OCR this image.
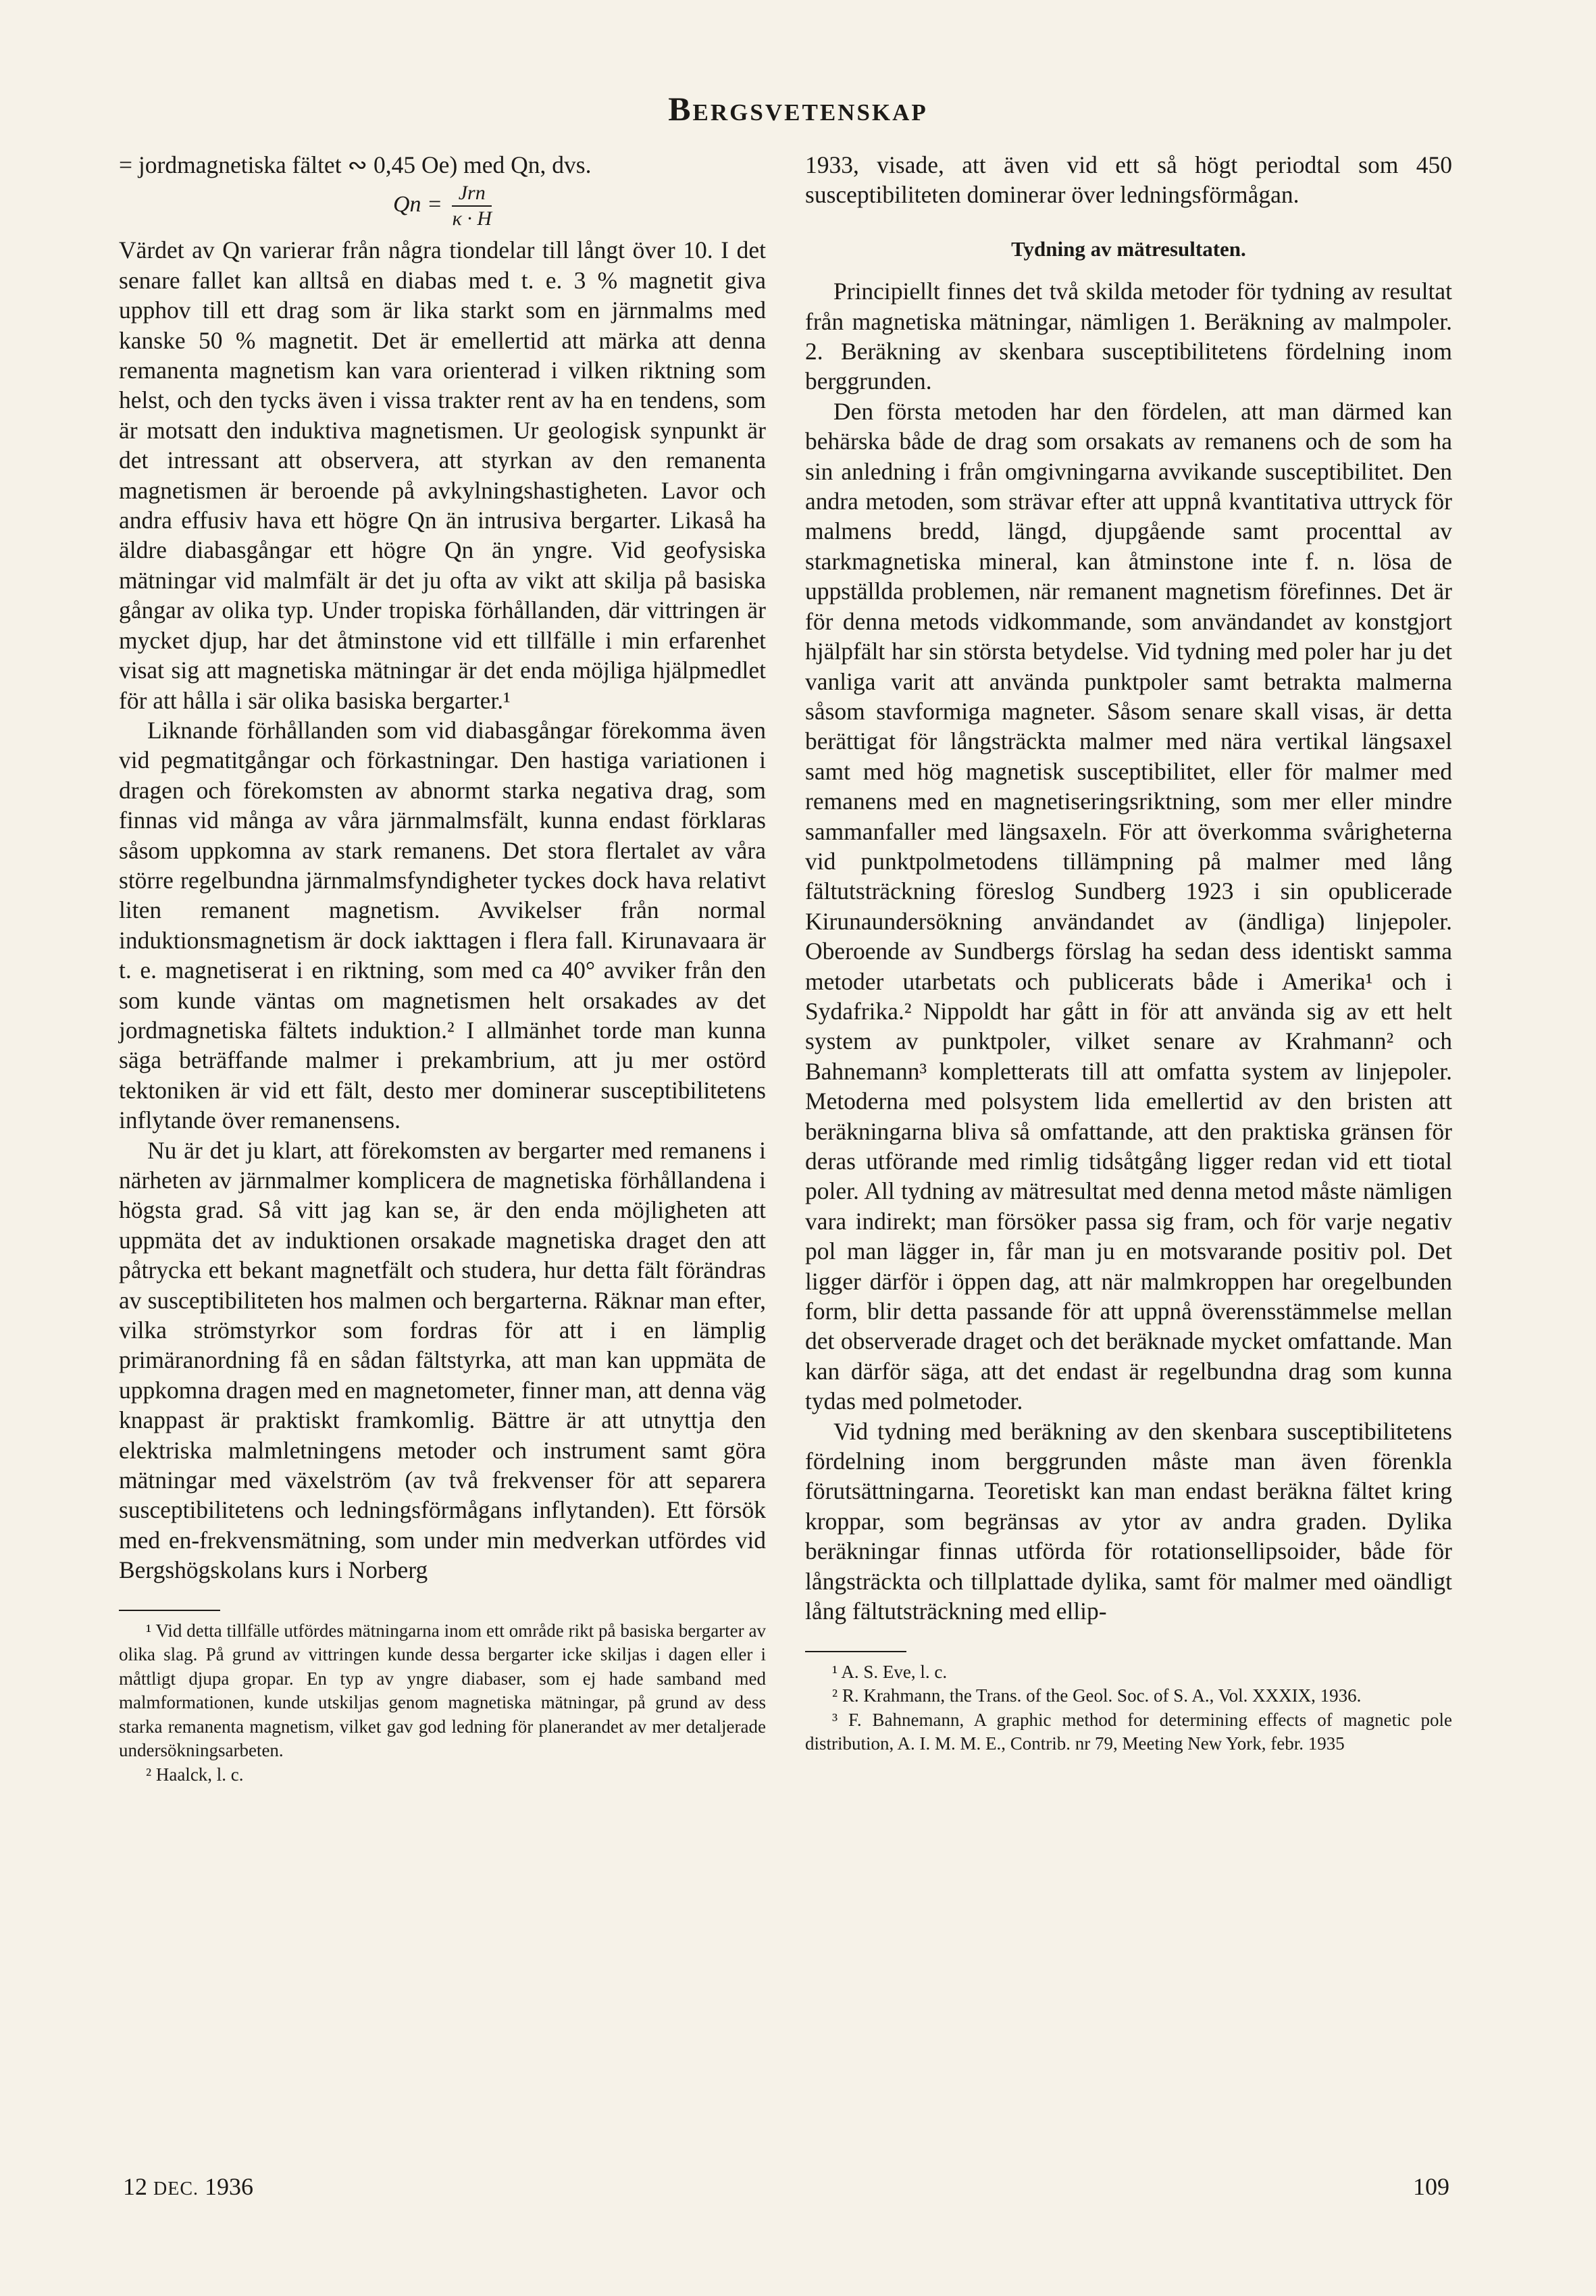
Bergsvetenskap

= jordmagnetiska fältet ∾ 0,45 Oe) med Qn, dvs.

$Qn = \frac{\text{Jrn}}{\kappa \cdot H}$

Värdet av Qn varierar från några tiondelar till långt över 10. I det senare fallet kan alltså en diabas med t. e. 3 % magnetit giva upphov till ett drag som är lika starkt som en järnmalms med kanske 50 % magnetit. Det är emellertid att märka att denna remanenta magnetism kan vara orienterad i vilken riktning som helst, och den tycks även i vissa trakter rent av ha en tendens, som är motsatt den induktiva magnetismen. Ur geologisk synpunkt är det intressant att observera, att styrkan av den remanenta magnetismen är beroende på avkylningshastigheten. Lavor och andra effusiv hava ett högre Qn än intrusiva bergarter. Likaså ha äldre diabasgångar ett högre Qn än yngre. Vid geofysiska mätningar vid malmfält är det ju ofta av vikt att skilja på basiska gångar av olika typ. Under tropiska förhållanden, där vittringen är mycket djup, har det åtminstone vid ett tillfälle i min erfarenhet visat sig att magnetiska mätningar är det enda möjliga hjälpmedlet för att hålla i sär olika basiska bergarter.¹

Liknande förhållanden som vid diabasgångar förekomma även vid pegmatitgångar och förkastningar. Den hastiga variationen i dragen och förekomsten av abnormt starka negativa drag, som finnas vid många av våra järnmalmsfält, kunna endast förklaras såsom uppkomna av stark remanens. Det stora flertalet av våra större regelbundna järnmalmsfyndigheter tyckes dock hava relativt liten remanent magnetism. Avvikelser från normal induktionsmagnetism är dock iakttagen i flera fall. Kirunavaara är t. e. magnetiserat i en riktning, som med ca 40° avviker från den som kunde väntas om magnetismen helt orsakades av det jordmagnetiska fältets induktion.² I allmänhet torde man kunna säga beträffande malmer i prekambrium, att ju mer ostörd tektoniken är vid ett fält, desto mer dominerar susceptibilitetens inflytande över remanensens.

Nu är det ju klart, att förekomsten av bergarter med remanens i närheten av järnmalmer komplicera de magnetiska förhållandena i högsta grad. Så vitt jag kan se, är den enda möjligheten att uppmäta det av induktionen orsakade magnetiska draget den att påtrycka ett bekant magnetfält och studera, hur detta fält förändras av susceptibiliteten hos malmen och bergarterna. Räknar man efter, vilka strömstyrkor som fordras för att i en lämplig primäranordning få en sådan fältstyrka, att man kan uppmäta de uppkomna dragen med en magnetometer, finner man, att denna väg knappast är praktiskt framkomlig. Bättre är att utnyttja den elektriska malmletningens metoder och instrument samt göra mätningar med växelström (av två frekvenser för att separera susceptibilitetens och ledningsförmågans inflytanden). Ett försök med en-frekvensmätning, som under min medverkan utfördes vid Bergshögskolans kurs i Norberg

¹ Vid detta tillfälle utfördes mätningarna inom ett område rikt på basiska bergarter av olika slag. På grund av vittringen kunde dessa bergarter icke skiljas i dagen eller i måttligt djupa gropar. En typ av yngre diabaser, som ej hade samband med malmformationen, kunde utskiljas genom magnetiska mätningar, på grund av dess starka remanenta magnetism, vilket gav god ledning för planerandet av mer detaljerade undersökningsarbeten.

² Haalck, l. c.

1933, visade, att även vid ett så högt periodtal som 450 susceptibiliteten dominerar över ledningsförmågan.

Tydning av mätresultaten.

Principiellt finnes det två skilda metoder för tydning av resultat från magnetiska mätningar, nämligen 1. Beräkning av malmpoler. 2. Beräkning av skenbara susceptibilitetens fördelning inom berggrunden.

Den första metoden har den fördelen, att man därmed kan behärska både de drag som orsakats av remanens och de som ha sin anledning i från omgivningarna avvikande susceptibilitet. Den andra metoden, som strävar efter att uppnå kvantitativa uttryck för malmens bredd, längd, djupgående samt procenttal av starkmagnetiska mineral, kan åtminstone inte f. n. lösa de uppställda problemen, när remanent magnetism förefinnes. Det är för denna metods vidkommande, som användandet av konstgjort hjälpfält har sin största betydelse. Vid tydning med poler har ju det vanliga varit att använda punktpoler samt betrakta malmerna såsom stavformiga magneter. Såsom senare skall visas, är detta berättigat för långsträckta malmer med nära vertikal längsaxel samt med hög magnetisk susceptibilitet, eller för malmer med remanens med en magnetiseringsriktning, som mer eller mindre sammanfaller med längsaxeln. För att överkomma svårigheterna vid punktpolmetodens tillämpning på malmer med lång fältutsträckning föreslog Sundberg 1923 i sin opublicerade Kirunaundersökning användandet av (ändliga) linjepoler. Oberoende av Sundbergs förslag ha sedan dess identiskt samma metoder utarbetats och publicerats både i Amerika¹ och i Sydafrika.² Nippoldt har gått in för att använda sig av ett helt system av punktpoler, vilket senare av Krahmann² och Bahnemann³ kompletterats till att omfatta system av linjepoler. Metoderna med polsystem lida emellertid av den bristen att beräkningarna bliva så omfattande, att den praktiska gränsen för deras utförande med rimlig tidsåtgång ligger redan vid ett tiotal poler. All tydning av mätresultat med denna metod måste nämligen vara indirekt; man försöker passa sig fram, och för varje negativ pol man lägger in, får man ju en motsvarande positiv pol. Det ligger därför i öppen dag, att när malmkroppen har oregelbunden form, blir detta passande för att uppnå överensstämmelse mellan det observerade draget och det beräknade mycket omfattande. Man kan därför säga, att det endast är regelbundna drag som kunna tydas med polmetoder.

Vid tydning med beräkning av den skenbara susceptibilitetens fördelning inom berggrunden måste man även förenkla förutsättningarna. Teoretiskt kan man endast beräkna fältet kring kroppar, som begränsas av ytor av andra graden. Dylika beräkningar finnas utförda för rotationsellipsoider, både för långsträckta och tillplattade dylika, samt för malmer med oändligt lång fältutsträckning med ellip-

¹ A. S. Eve, l. c.

² R. Krahmann, the Trans. of the Geol. Soc. of S. A., Vol. XXXIX, 1936.

³ F. Bahnemann, A graphic method for determining effects of magnetic pole distribution, A. I. M. M. E., Contrib. nr 79, Meeting New York, febr. 1935

12 DEC. 1936	109
